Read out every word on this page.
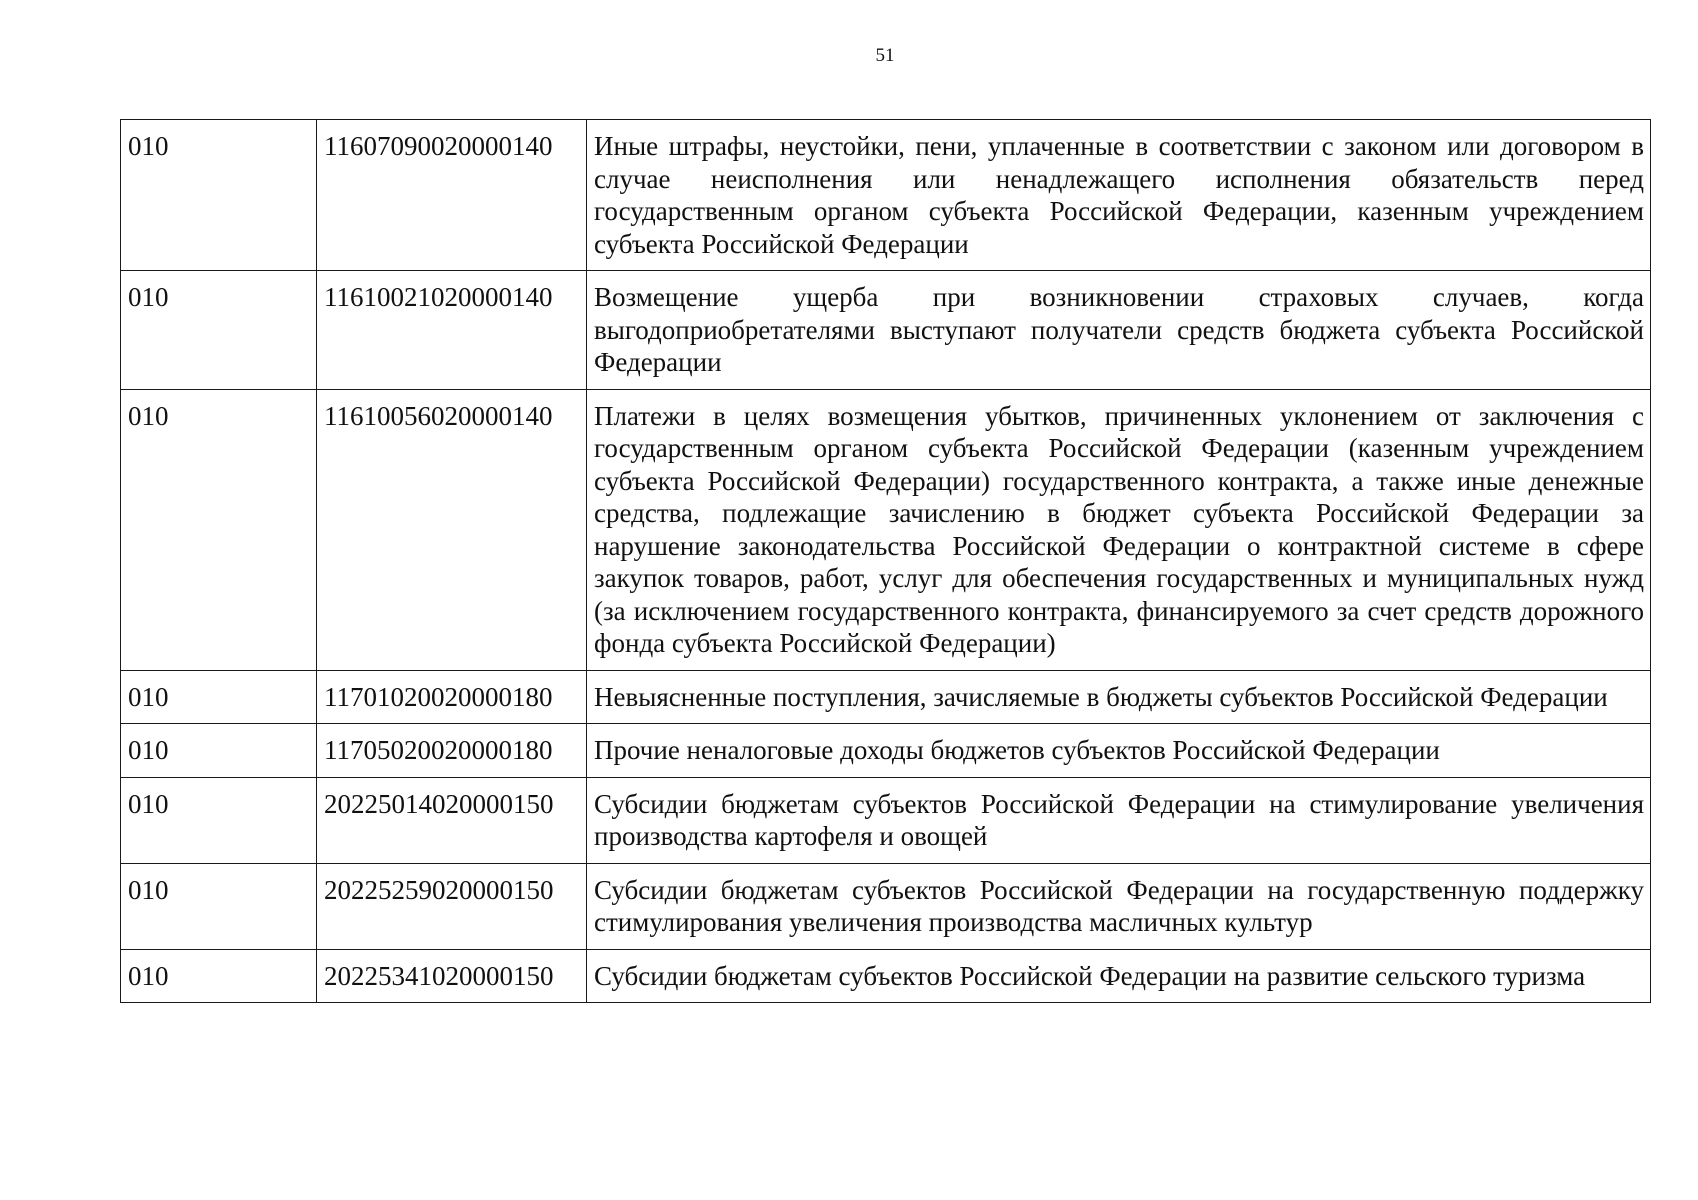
51
010	11607090020000140	Иные штрафы, неустойки, пени, уплаченные в соответствии с законом или договором в случае неисполнения или ненадлежащего исполнения обязательств перед государственным органом субъекта Российской Федерации, казенным учреждением субъекта Российской Федерации
010	11610021020000140	Возмещение ущерба при возникновении страховых случаев, когда выгодоприобретателями выступают получатели средств бюджета субъекта Российской Федерации
010	11610056020000140	Платежи в целях возмещения убытков, причиненных уклонением от заключения с государственным органом субъекта Российской Федерации (казенным учреждением субъекта Российской Федерации) государственного контракта, а также иные денежные средства, подлежащие зачислению в бюджет субъекта Российской Федерации за нарушение законодательства Российской Федерации о контрактной системе в сфере закупок товаров, работ, услуг для обеспечения государственных и муниципальных нужд (за исключением государственного контракта, финансируемого за счет средств дорожного фонда субъекта Российской Федерации)
010	11701020020000180	Невыясненные поступления, зачисляемые в бюджеты субъектов Российской Федерации
010	11705020020000180	Прочие неналоговые доходы бюджетов субъектов Российской Федерации
010	20225014020000150	Субсидии бюджетам субъектов Российской Федерации на стимулирование увеличения производства картофеля и овощей
010	20225259020000150	Субсидии бюджетам субъектов Российской Федерации на государственную поддержку стимулирования увеличения производства масличных культур
010	20225341020000150	Субсидии бюджетам субъектов Российской Федерации на развитие сельского туризма
